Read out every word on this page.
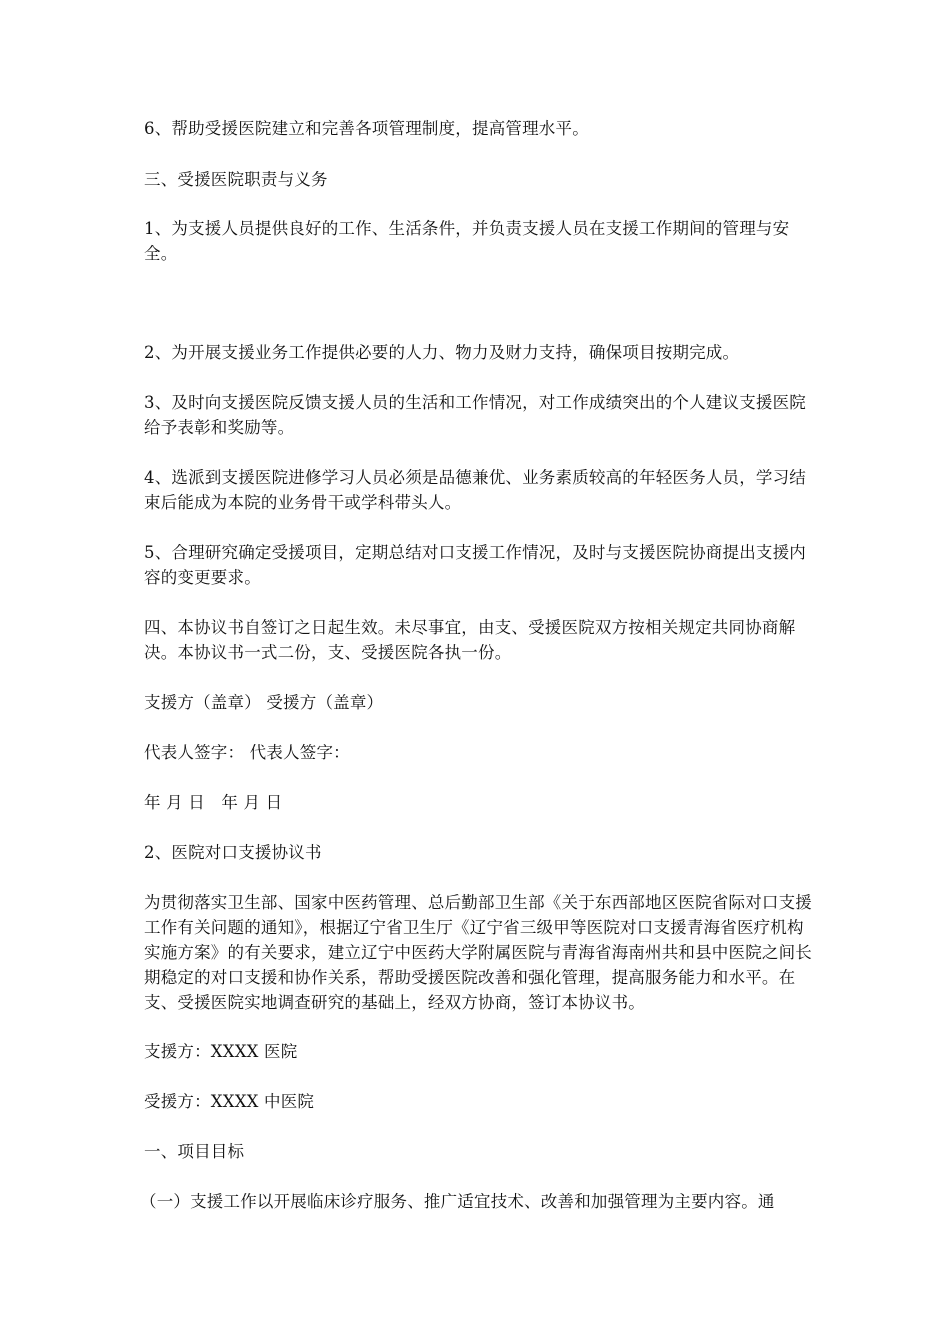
6、帮助受援医院建立和完善各项管理制度，提高管理水平。

三、受援医院职责与义务

1、为支援人员提供良好的工作、生活条件，并负责支援人员在支援工作期间的管理与安全。

2、为开展支援业务工作提供必要的人力、物力及财力支持，确保项目按期完成。

3、及时向支援医院反馈支援人员的生活和工作情况，对工作成绩突出的个人建议支援医院给予表彰和奖励等。

4、选派到支援医院进修学习人员必须是品德兼优、业务素质较高的年轻医务人员，学习结束后能成为本院的业务骨干或学科带头人。

5、合理研究确定受援项目，定期总结对口支援工作情况，及时与支援医院协商提出支援内容的变更要求。

四、本协议书自签订之日起生效。未尽事宜，由支、受援医院双方按相关规定共同协商解决。本协议书一式二份，支、受援医院各执一份。

支援方（盖章） 受援方（盖章）

代表人签字： 代表人签字：

年 月 日   年 月 日

2、医院对口支援协议书

为贯彻落实卫生部、国家中医药管理、总后勤部卫生部《关于东西部地区医院省际对口支援工作有关问题的通知》，根据辽宁省卫生厅《辽宁省三级甲等医院对口支援青海省医疗机构实施方案》的有关要求，建立辽宁中医药大学附属医院与青海省海南州共和县中医院之间长期稳定的对口支援和协作关系，帮助受援医院改善和强化管理，提高服务能力和水平。在支、受援医院实地调查研究的基础上，经双方协商，签订本协议书。

支援方：XXXX 医院

受援方：XXXX 中医院

一、项目目标

（一）支援工作以开展临床诊疗服务、推广适宜技术、改善和加强管理为主要内容。通
